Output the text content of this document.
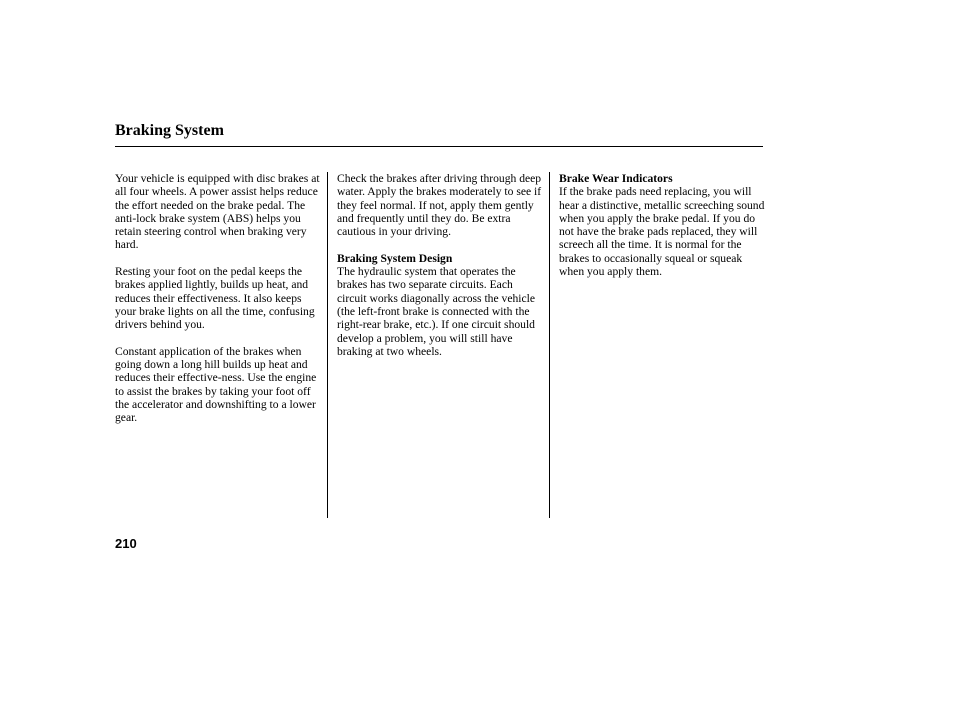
Braking System

Your vehicle is equipped with disc brakes at all four wheels. A power assist helps reduce the effort needed on the brake pedal. The anti-lock brake system (ABS) helps you retain steering control when braking very hard.

Resting your foot on the pedal keeps the brakes applied lightly, builds up heat, and reduces their effectiveness. It also keeps your brake lights on all the time, confusing drivers behind you.

Constant application of the brakes when going down a long hill builds up heat and reduces their effective-ness. Use the engine to assist the brakes by taking your foot off the accelerator and downshifting to a lower gear.

Check the brakes after driving through deep water. Apply the brakes moderately to see if they feel normal. If not, apply them gently and frequently until they do. Be extra cautious in your driving.

Braking System Design

The hydraulic system that operates the brakes has two separate circuits. Each circuit works diagonally across the vehicle (the left-front brake is connected with the right-rear brake, etc.). If one circuit should develop a problem, you will still have braking at two wheels.

Brake Wear Indicators

If the brake pads need replacing, you will hear a distinctive, metallic screeching sound when you apply the brake pedal. If you do not have the brake pads replaced, they will screech all the time. It is normal for the brakes to occasionally squeal or squeak when you apply them.

210
